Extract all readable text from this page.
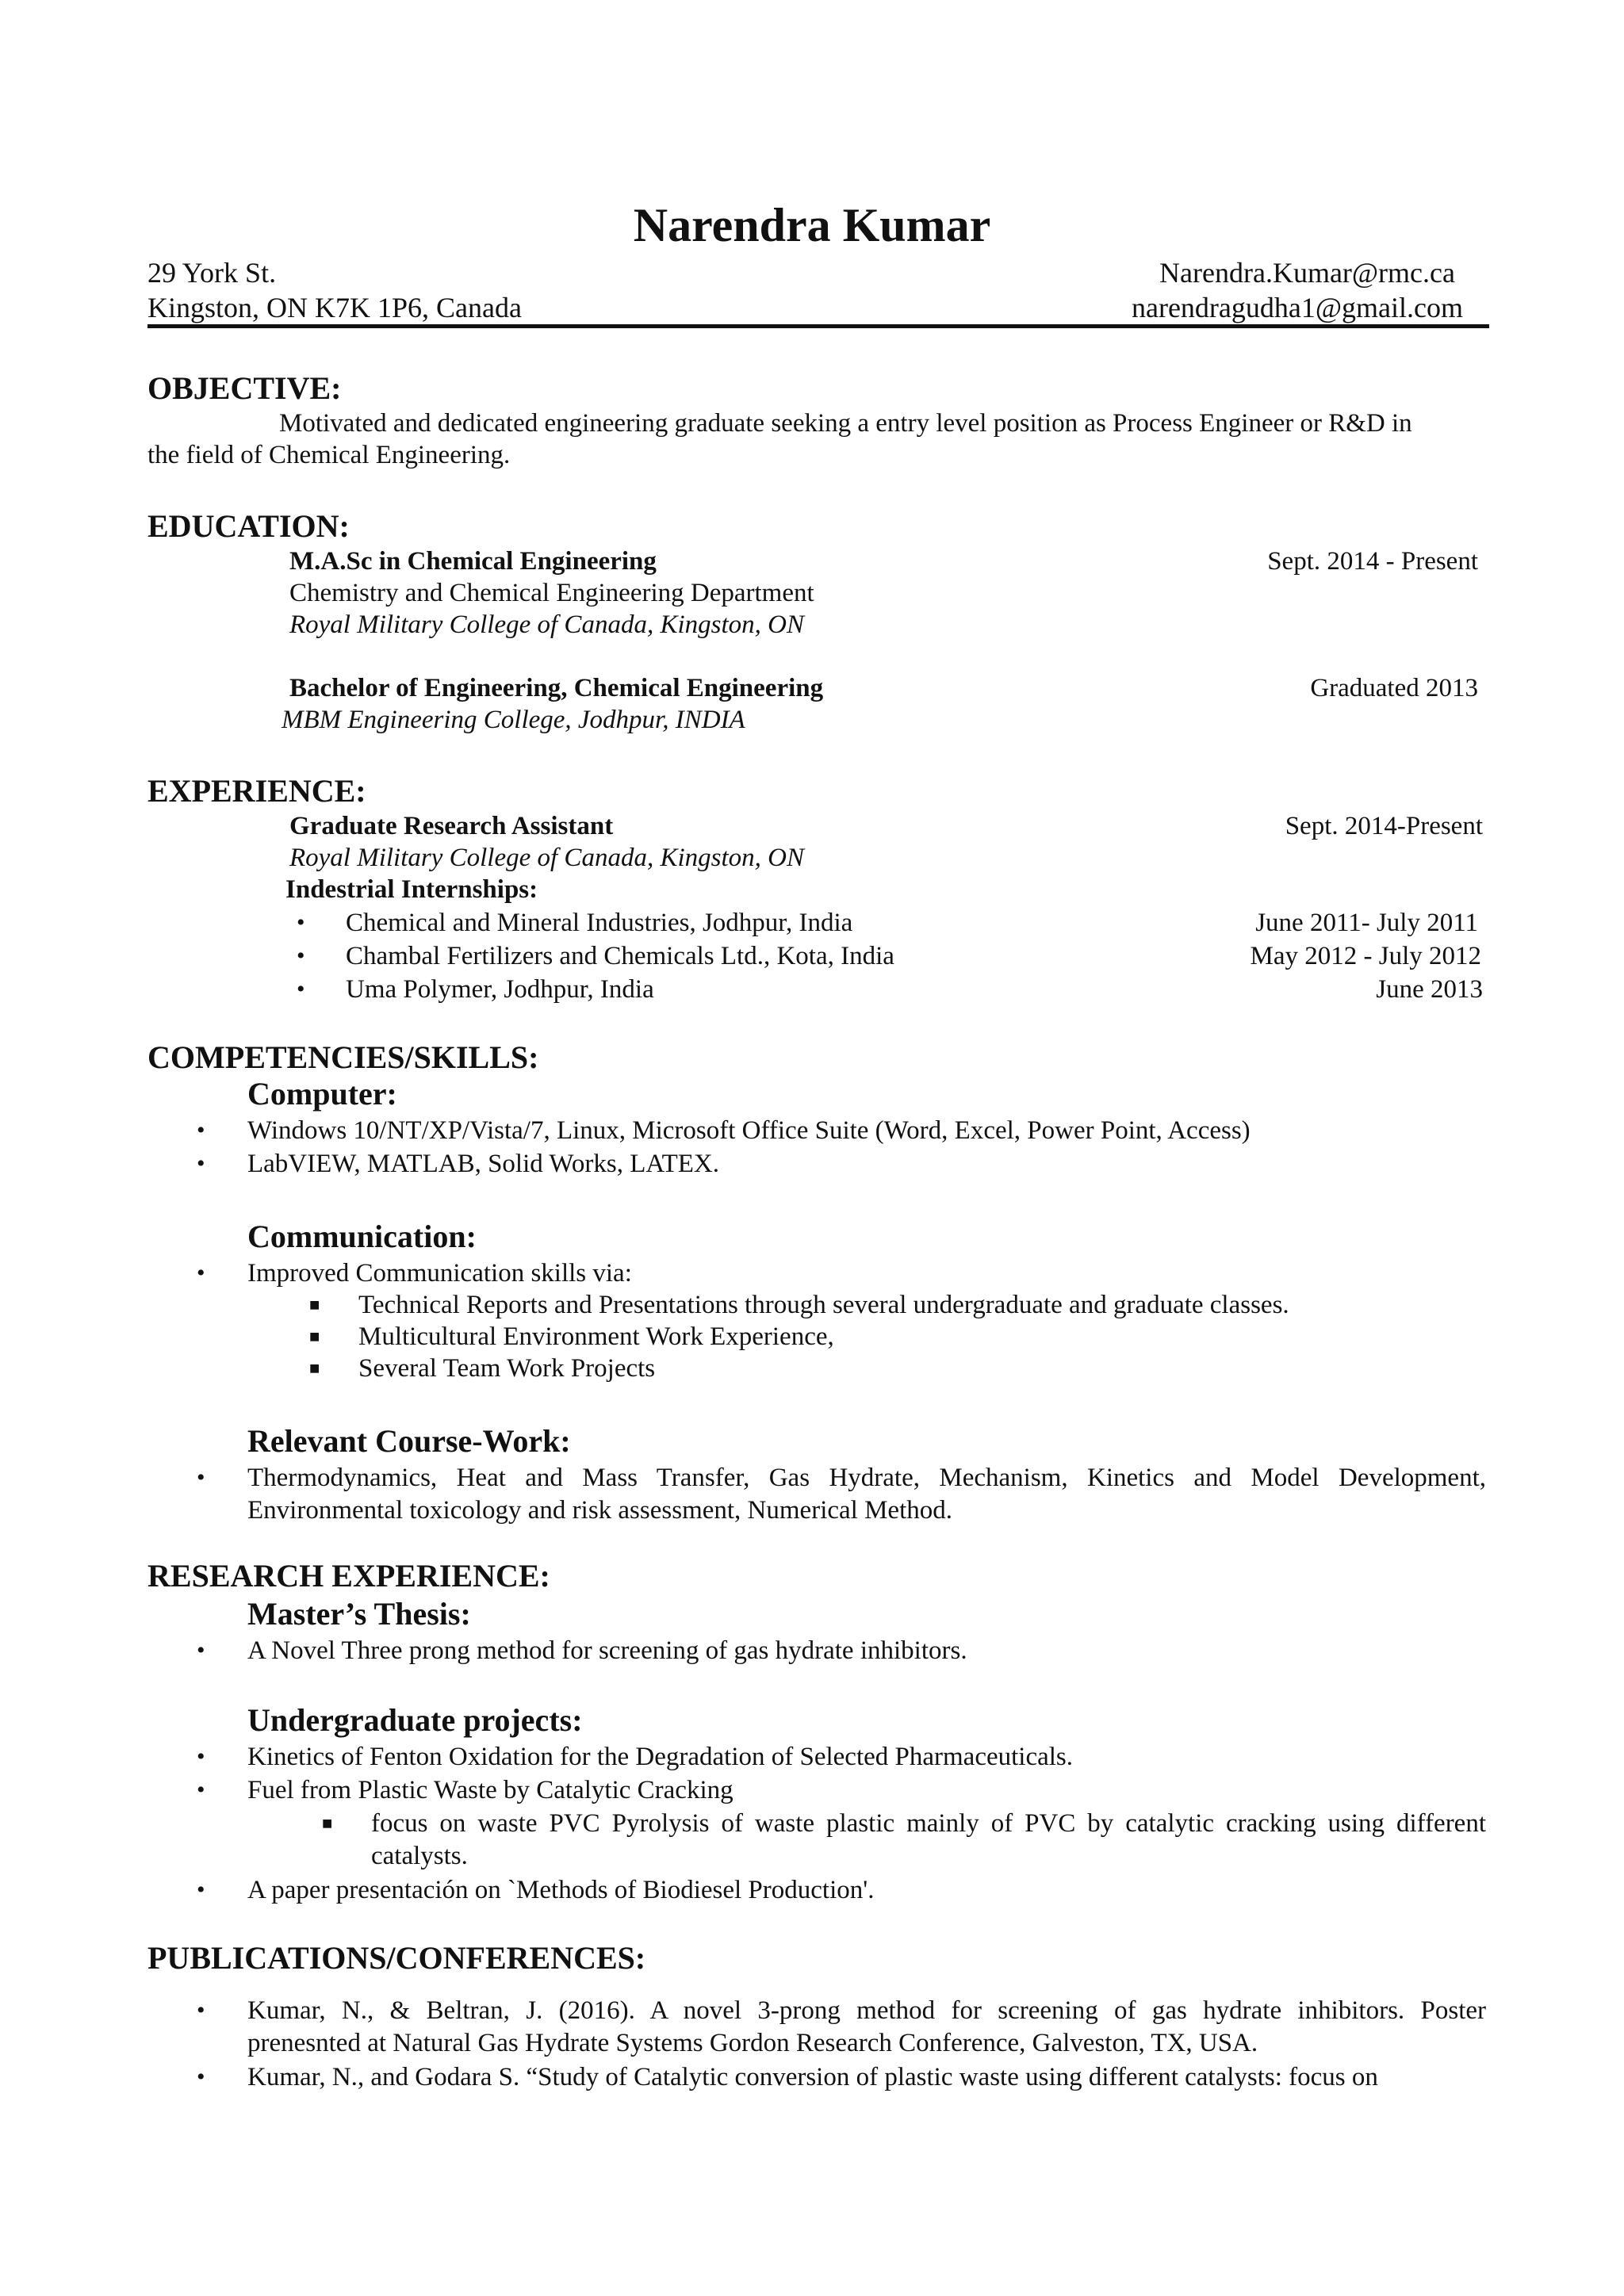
Narendra Kumar
29 York St.
Kingston, ON K7K 1P6, Canada
Narendra.Kumar@rmc.ca
narendragudha1@gmail.com
OBJECTIVE:
Motivated and dedicated engineering graduate seeking a entry level position as Process Engineer or R&D in
the field of Chemical Engineering.
EDUCATION:
M.A.Sc in Chemical Engineering	Sept. 2014 - Present
Chemistry and Chemical Engineering Department
Royal Military College of Canada, Kingston, ON
Bachelor of Engineering, Chemical Engineering	Graduated 2013
MBM Engineering College, Jodhpur, INDIA
EXPERIENCE:
Graduate Research Assistant	Sept. 2014-Present
Royal Military College of Canada, Kingston, ON
Indestrial Internships:
• Chemical and Mineral Industries, Jodhpur, India	June 2011- July 2011
• Chambal Fertilizers and Chemicals Ltd., Kota, India	May 2012 - July 2012
• Uma Polymer, Jodhpur, India	June 2013
COMPETENCIES/SKILLS:
Computer:
• Windows 10/NT/XP/Vista/7, Linux, Microsoft Office Suite (Word, Excel, Power Point, Access)
• LabVIEW, MATLAB, Solid Works, LATEX.
Communication:
• Improved Communication skills via:
■ Technical Reports and Presentations through several undergraduate and graduate classes.
■ Multicultural Environment Work Experience,
■ Several Team Work Projects
Relevant Course-Work:
• Thermodynamics, Heat and Mass Transfer, Gas Hydrate, Mechanism, Kinetics and Model Development,
Environmental toxicology and risk assessment, Numerical Method.
RESEARCH EXPERIENCE:
Master’s Thesis:
• A Novel Three prong method for screening of gas hydrate inhibitors.
Undergraduate projects:
• Kinetics of Fenton Oxidation for the Degradation of Selected Pharmaceuticals.
• Fuel from Plastic Waste by Catalytic Cracking
■ focus on waste PVC Pyrolysis of waste plastic mainly of PVC by catalytic cracking using different
catalysts.
• A paper presentación on `Methods of Biodiesel Production'.
PUBLICATIONS/CONFERENCES:
• Kumar, N., & Beltran, J. (2016). A novel 3-prong method for screening of gas hydrate inhibitors. Poster
prenesnted at Natural Gas Hydrate Systems Gordon Research Conference, Galveston, TX, USA.
• Kumar, N., and Godara S. “Study of Catalytic conversion of plastic waste using different catalysts: focus on
